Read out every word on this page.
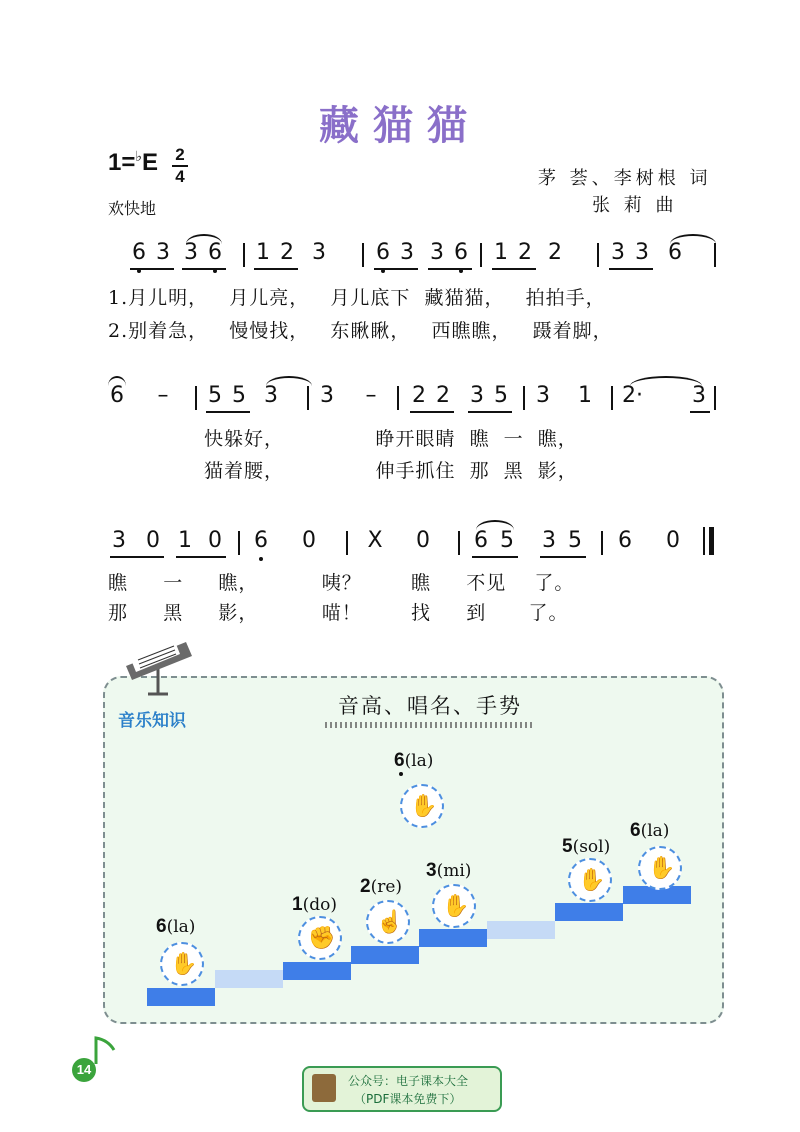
藏猫猫
1=♭E 2
4
欢快地
茅 荟、李树根 词
张 莉 曲
6 3 3 6 1 2 3 6 3 3 6 1 2 2 3 3 6
1.月儿明，   月儿亮，   月儿底下  藏猫猫，   拍拍手，
2.别着急，   慢慢找，   东瞅瞅，   西瞧瞧，   蹑着脚，
6 – 5 5 3 3 – 2 2 3 5 3 1 2·	3
快躲好，             睁开眼睛  瞧  一  瞧，
猫着腰，             伸手抓住  那  黑  影，
3 0 1 0 6 0 X 0 6 5 3 5 6 0
瞧     一     瞧，         咦？       瞧     不见    了。
那     黑     影，         喵！       找     到      了。
音乐知识
音高、唱名、手势
6(la)
✋
1(do)
✊
2(re)
☝
3(mi)
✋
5(sol)
✋
6(la)
✋
6(la)
✋
14
公众号：电子课本大全
（PDF课本免费下）
